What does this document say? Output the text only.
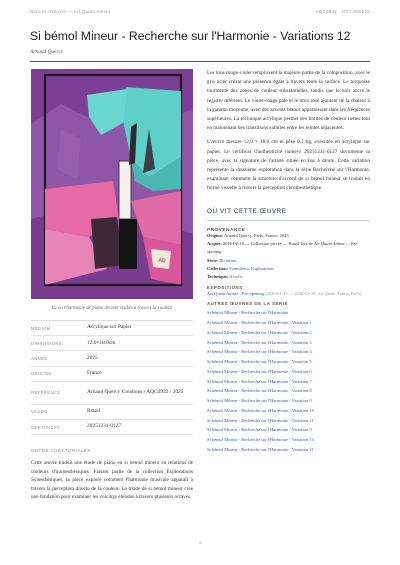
Notices d'œuvre — Art Quam Anima	AQC0932 · NTC-990528
Si bémol Mineur - Recherche sur l'Harmonie - Variations 12
Arnaud Quercy
AQ
Là où l'harmonie de piano devient visible à travers la couleur
MÉDIUM	Acrylique sur Papier
DIMENSIONS	12.0×18.0cm
ANNÉE	2025
ORIGINE	France
RÉFÉRENCE	Arnaud Quercy Creations / AQC0932 / 2025
VENDU	Brazil
CERTIFICAT	20251231-0127
NOTES CURATORIALES
Cette œuvre traduit une étude de piano en si bémol mineur en relations de couleurs chromesthésiques. Faisant partie de la collection Explorations Synesthétiques, la pièce explore comment l'harmonie musicale apparaît à travers la perception directe de la couleur. La triade de si bémol mineur crée une fondation pour examiner les voicings étendus à travers plusieurs octaves.

Les tons rouge-violet remplissent la majeure partie de la composition, avec le gris acier créant une présence égale à travers toute la surface. Le turquoise tourmente des zones de couleur substantielles, tandis que le noir ancre le registre inférieur. Le violet-rouge pâle et le brun rosé ajoutent de la chaleur à la gamme moyenne, avec des accents blancs apparaissant dans les fréquences supérieures. La technique acrylique permet des limites de couleur nettes tout en maintenant des transitions subtiles entre les teintes adjacentes.

L'œuvre mesure 12,0 × 18,0 cm et pèse 0,1 kg, exécutée en acrylique sur papier. Le certificat d'authenticité numéro 20251231-0127 documente la pièce, avec la signature de l'artiste située en bas à droite. Cette variation représente la douzième exploration dans la série Recherche sur l'Harmonie, examinant comment la structure d'accord de si bémol mineur se traduit en forme visuelle à travers la perception chromesthétique.

OÙ VIT CETTE ŒUVRE
PROVENANCE
Origine: Arnaud Quercy, Paris, France, 2025
Acquis: 2026-02-18 — Collection privée — Brazil lors de Art Quam Anima — Pre-opening
Série: Bb minor
Collection: Synesthetic Explorations
Technique: Acrylic
EXPOSITIONS
Art Quam Anima - Pre-opening (2026-01-15 — 2026-01-26, Art Quam Anima, Paris)
AUTRES ŒUVRES DE LA SÉRIE
Si bémol Mineur - Recherche sur l'Harmonie
Si bémol Mineur - Recherche sur l'Harmonie - Variation 1
Si bémol Mineur - Recherche sur l'Harmonie - Variation 2
Si bémol Mineur - Recherche sur l'Harmonie - Variation 3
Si bémol Mineur - Recherche sur l'Harmonie - Variation 4
Si bémol Mineur - Recherche sur l'Harmonie - Variation 5
Si bémol Mineur - Recherche sur l'Harmonie - Variation 6
Si bémol Mineur - Recherche sur l'Harmonie - Variation 7
Si bémol Mineur - Recherche sur l'Harmonie - Variation 8
Si bémol Mineur - Recherche sur l'Harmonie - Variation 9
Si bémol Mineur - Recherche sur l'Harmonie - Variation 10
Si bémol Mineur - Recherche sur l'Harmonie - Variation 11
Si bémol Mineur - Recherche sur l'Harmonie - Variation 9
Si bémol Mineur - Recherche sur l'Harmonie - Variation 10
Si bémol Mineur - Recherche sur l'Harmonie - Variation 11
2
